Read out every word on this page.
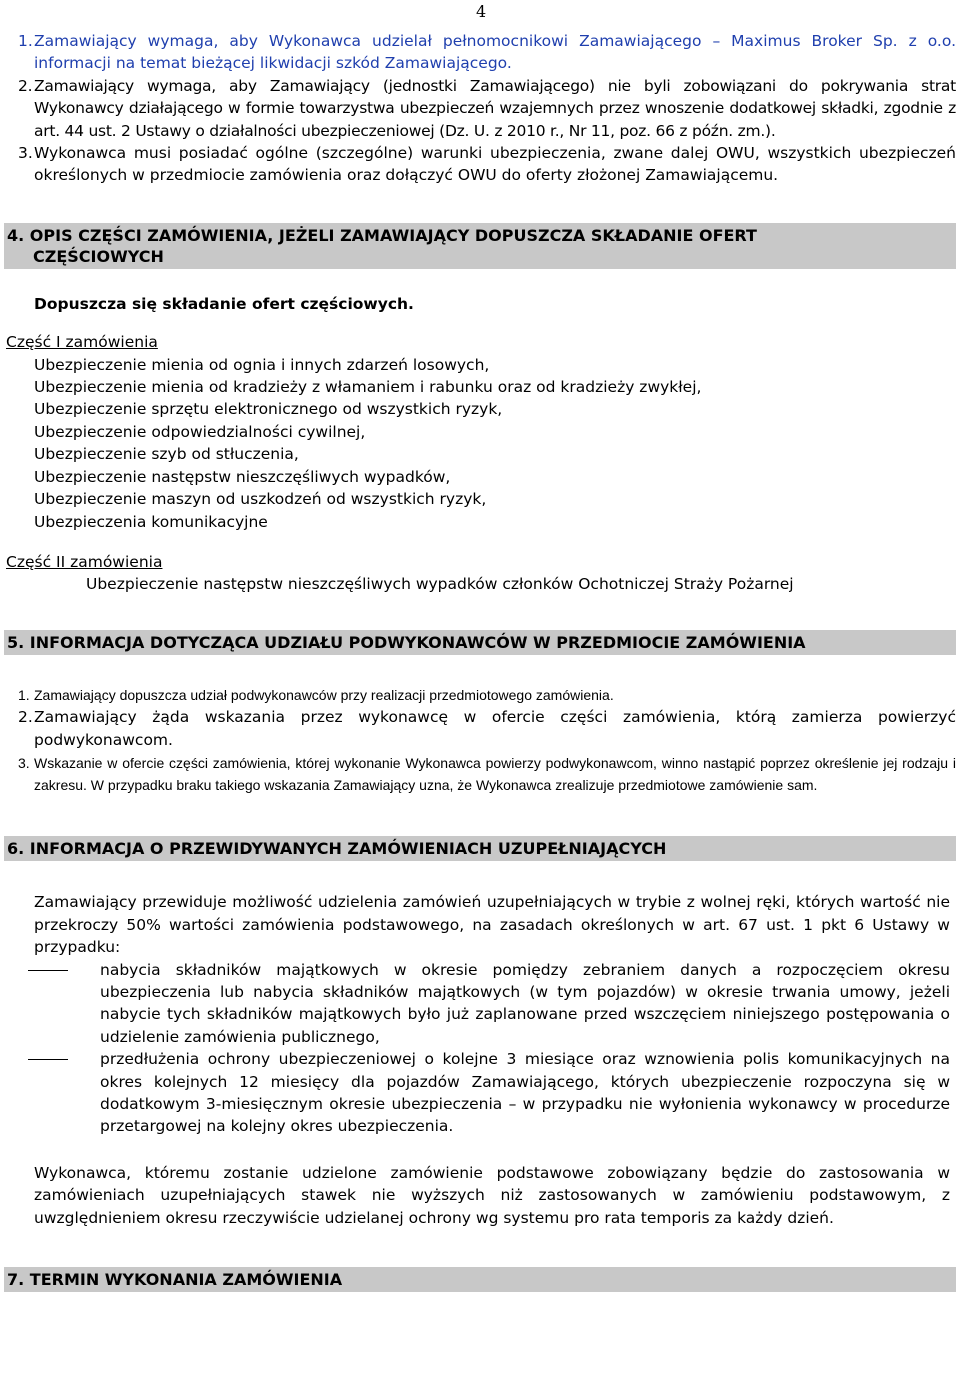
4
1. Zamawiający wymaga, aby Wykonawca udzielał pełnomocnikowi Zamawiającego – Maximus Broker Sp. z o.o. informacji na temat bieżącej likwidacji szkód Zamawiającego.
2. Zamawiający wymaga, aby Zamawiający (jednostki Zamawiającego) nie byli zobowiązani do pokrywania strat Wykonawcy działającego w formie towarzystwa ubezpieczeń wzajemnych przez wnoszenie dodatkowej składki, zgodnie z art. 44 ust. 2 Ustawy o działalności ubezpieczeniowej (Dz. U. z 2010 r., Nr 11, poz. 66 z późn. zm.).
3. Wykonawca musi posiadać ogólne (szczególne) warunki ubezpieczenia, zwane dalej OWU, wszystkich ubezpieczeń określonych w przedmiocie zamówienia oraz dołączyć OWU do oferty złożonej Zamawiającemu.
4. OPIS CZĘŚCI ZAMÓWIENIA, JEŻELI ZAMAWIAJĄCY DOPUSZCZA SKŁADANIE OFERT
CZĘŚCIOWYCH
Dopuszcza się składanie ofert częściowych.
Część I zamówienia
Ubezpieczenie mienia od ognia i innych zdarzeń losowych,
Ubezpieczenie mienia od kradzieży z włamaniem i rabunku oraz od kradzieży zwykłej,
Ubezpieczenie sprzętu elektronicznego od wszystkich ryzyk,
Ubezpieczenie odpowiedzialności cywilnej,
Ubezpieczenie szyb od stłuczenia,
Ubezpieczenie następstw nieszczęśliwych wypadków,
Ubezpieczenie maszyn od uszkodzeń od wszystkich ryzyk,
Ubezpieczenia komunikacyjne
Część II zamówienia
Ubezpieczenie następstw nieszczęśliwych wypadków członków Ochotniczej Straży Pożarnej
5. INFORMACJA DOTYCZĄCA UDZIAŁU PODWYKONAWCÓW W PRZEDMIOCIE ZAMÓWIENIA
1. Zamawiający dopuszcza udział podwykonawców przy realizacji przedmiotowego zamówienia.
2. Zamawiający żąda wskazania przez wykonawcę w ofercie części zamówienia, którą zamierza powierzyć podwykonawcom.
3. Wskazanie w ofercie części zamówienia, której wykonanie Wykonawca powierzy podwykonawcom, winno nastąpić poprzez określenie jej rodzaju i zakresu. W przypadku braku takiego wskazania Zamawiający uzna, że Wykonawca zrealizuje przedmiotowe zamówienie sam.
6. INFORMACJA O PRZEWIDYWANYCH ZAMÓWIENIACH UZUPEŁNIAJĄCYCH
Zamawiający przewiduje możliwość udzielenia zamówień uzupełniających w trybie z wolnej ręki, których wartość nie przekroczy 50% wartości zamówienia podstawowego, na zasadach określonych w art. 67 ust. 1 pkt 6 Ustawy w przypadku:
nabycia składników majątkowych w okresie pomiędzy zebraniem danych a rozpoczęciem okresu ubezpieczenia lub nabycia składników majątkowych (w tym pojazdów) w okresie trwania umowy, jeżeli nabycie tych składników majątkowych było już zaplanowane przed wszczęciem niniejszego postępowania o udzielenie zamówienia publicznego,
przedłużenia ochrony ubezpieczeniowej o kolejne 3 miesiące oraz wznowienia polis komunikacyjnych na okres kolejnych 12 miesięcy dla pojazdów Zamawiającego, których ubezpieczenie rozpoczyna się w dodatkowym 3-miesięcznym okresie ubezpieczenia – w przypadku nie wyłonienia wykonawcy w procedurze przetargowej na kolejny okres ubezpieczenia.
Wykonawca, któremu zostanie udzielone zamówienie podstawowe zobowiązany będzie do zastosowania w zamówieniach uzupełniających stawek nie wyższych niż zastosowanych w zamówieniu podstawowym, z uwzględnieniem okresu rzeczywiście udzielanej ochrony wg systemu pro rata temporis za każdy dzień.
7. TERMIN WYKONANIA ZAMÓWIENIA
